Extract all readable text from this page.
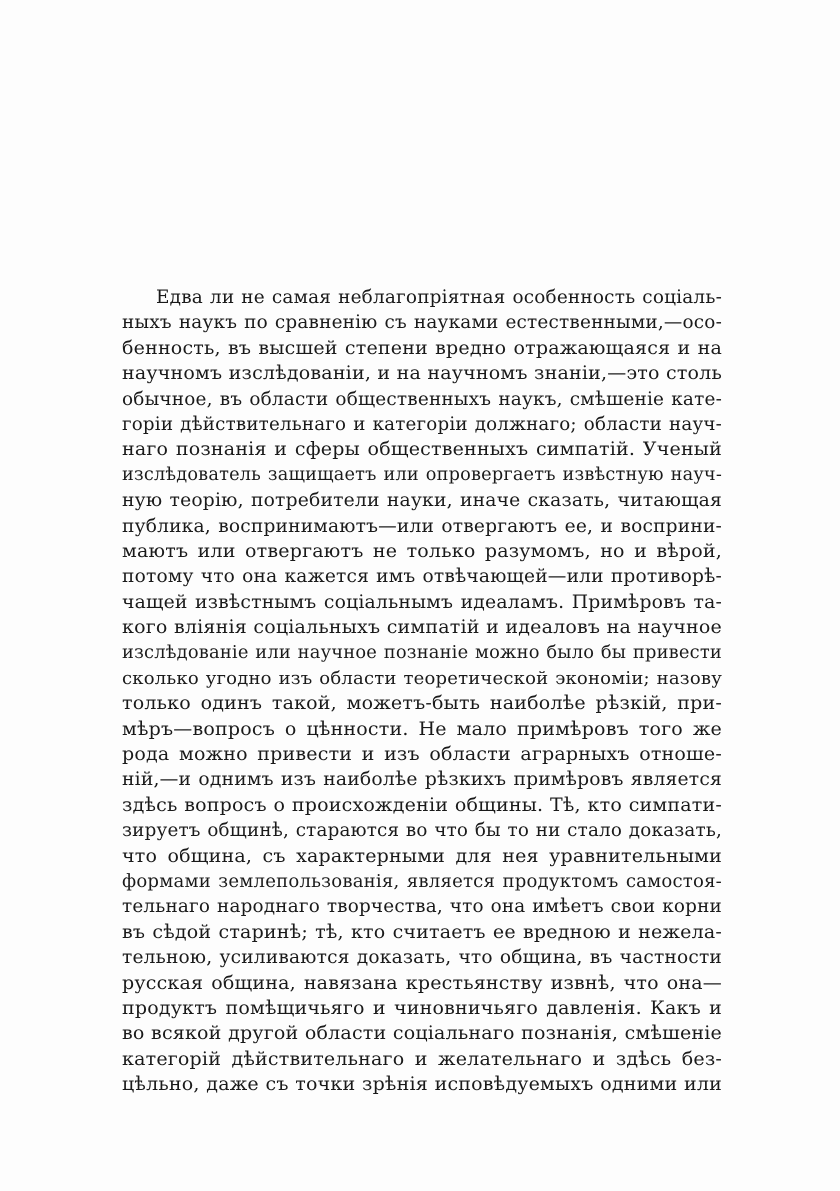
Едва ли не самая неблагопріятная особенность соціаль-
ныхъ наукъ по сравненію съ науками естественными,—осо-
бенность, въ высшей степени вредно отражающаяся и на
научномъ изслѣдованіи, и на научномъ знаніи,—это столь
обычное, въ области общественныхъ наукъ, смѣшеніе кате-
горіи дѣйствительнаго и категоріи должнаго; области науч-
наго познанія и сферы общественныхъ симпатій. Ученый
изслѣдователь защищаетъ или опровергаетъ извѣстную науч-
ную теорію, потребители науки, иначе сказать, читающая
публика, воспринимаютъ—или отвергаютъ ее, и восприни-
маютъ или отвергаютъ не только разумомъ, но и вѣрой,
потому что она кажется имъ отвѣчающей—или противорѣ-
чащей извѣстнымъ соціальнымъ идеаламъ. Примѣровъ та-
кого вліянія соціальныхъ симпатій и идеаловъ на научное
изслѣдованіе или научное познаніе можно было бы привести
сколько угодно изъ области теоретической экономіи; назову
только одинъ такой, можетъ-быть наиболѣе рѣзкій, при-
мѣръ—вопросъ о цѣнности. Не мало примѣровъ того же
рода можно привести и изъ области аграрныхъ отноше-
ній,—и однимъ изъ наиболѣе рѣзкихъ примѣровъ является
здѣсь вопросъ о происхожденіи общины. Тѣ, кто симпати-
зируетъ общинѣ, стараются во что бы то ни стало доказать,
что община, съ характерными для нея уравнительными
формами землепользованія, является продуктомъ самостоя-
тельнаго народнаго творчества, что она имѣетъ свои корни
въ сѣдой старинѣ; тѣ, кто считаетъ ее вредною и нежела-
тельною, усиливаются доказать, что община, въ частности
русская община, навязана крестьянству извнѣ, что она—
продуктъ помѣщичьяго и чиновничьяго давленія. Какъ и
во всякой другой области соціальнаго познанія, смѣшеніе
категорій дѣйствительнаго и желательнаго и здѣсь без-
цѣльно, даже съ точки зрѣнія исповѣдуемыхъ одними или
